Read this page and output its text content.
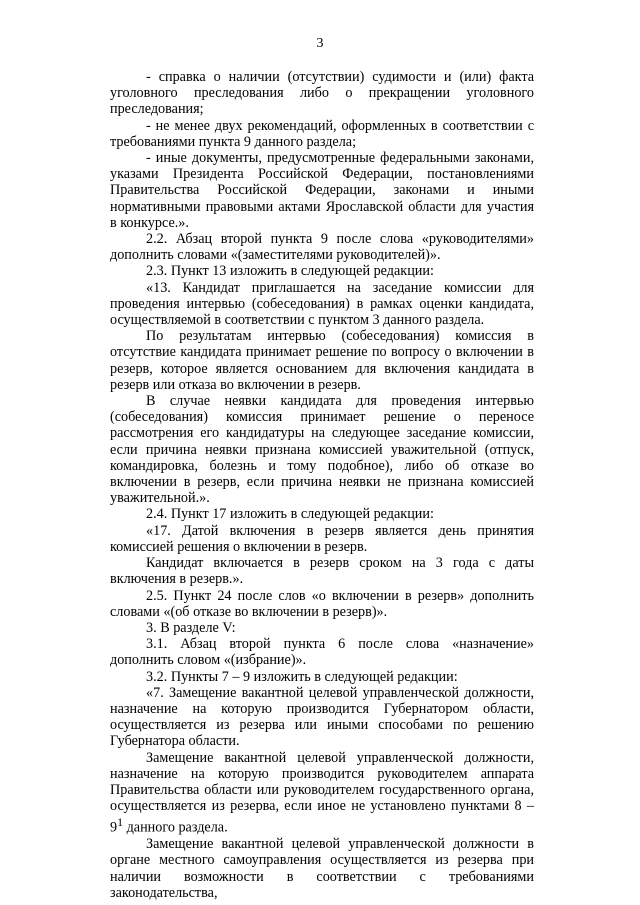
3

- справка о наличии (отсутствии) судимости и (или) факта уголовного преследования либо о прекращении уголовного преследования;

- не менее двух рекомендаций, оформленных в соответствии с требованиями пункта 9 данного раздела;

- иные документы, предусмотренные федеральными законами, указами Президента Российской Федерации, постановлениями Правительства Российской Федерации, законами и иными нормативными правовыми актами Ярославской области для участия в конкурсе.».

2.2. Абзац второй пункта 9 после слова «руководителями» дополнить словами «(заместителями руководителей)».

2.3. Пункт 13 изложить в следующей редакции:

«13. Кандидат приглашается на заседание комиссии для проведения интервью (собеседования) в рамках оценки кандидата, осуществляемой в соответствии с пунктом 3 данного раздела.

По результатам интервью (собеседования) комиссия в отсутствие кандидата принимает решение по вопросу о включении в резерв, которое является основанием для включения кандидата в резерв или отказа во включении в резерв.

В случае неявки кандидата для проведения интервью (собеседования) комиссия принимает решение о переносе рассмотрения его кандидатуры на следующее заседание комиссии, если причина неявки признана комиссией уважительной (отпуск, командировка, болезнь и тому подобное), либо об отказе во включении в резерв, если причина неявки не признана комиссией уважительной.».

2.4. Пункт 17 изложить в следующей редакции:

«17. Датой включения в резерв является день принятия комиссией решения о включении в резерв.

Кандидат включается в резерв сроком на 3 года с даты включения в резерв.».

2.5. Пункт 24 после слов «о включении в резерв» дополнить словами «(об отказе во включении в резерв)».

3. В разделе V:

3.1. Абзац второй пункта 6 после слова «назначение» дополнить словом «(избрание)».

3.2. Пункты 7 – 9 изложить в следующей редакции:

«7. Замещение вакантной целевой управленческой должности, назначение на которую производится Губернатором области, осуществляется из резерва или иными способами по решению Губернатора области.

Замещение вакантной целевой управленческой должности, назначение на которую производится руководителем аппарата Правительства области или руководителем государственного органа, осуществляется из резерва, если иное не установлено пунктами $8 - 9^1$ данного раздела.

Замещение вакантной целевой управленческой должности в органе местного самоуправления осуществляется из резерва при наличии возможности в соответствии с требованиями законодательства,
